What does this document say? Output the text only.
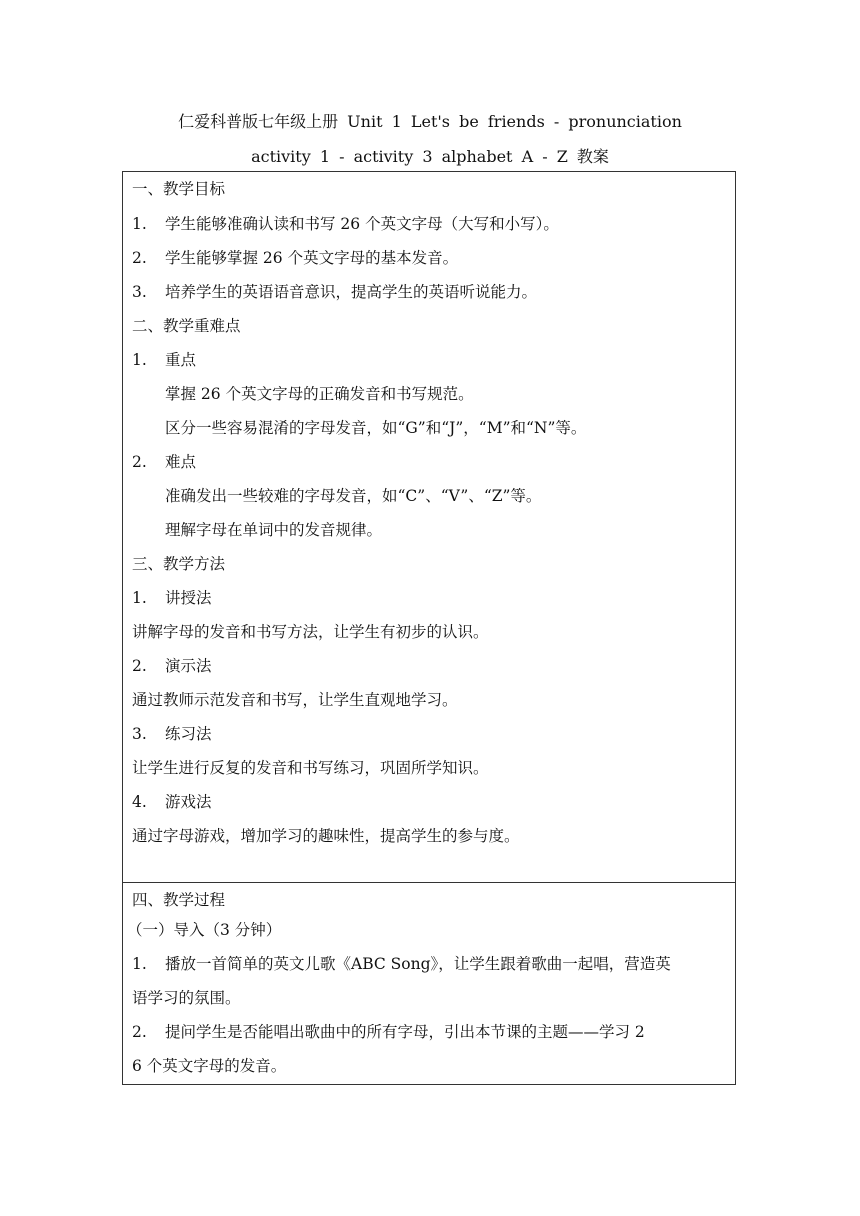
仁爱科普版七年级上册 Unit 1 Let's be friends - pronunciation
activity 1 - activity 3 alphabet A - Z 教案
一、教学目标
1. 学生能够准确认读和书写 26 个英文字母（大写和小写）。
2. 学生能够掌握 26 个英文字母的基本发音。
3. 培养学生的英语语音意识，提高学生的英语听说能力。
二、教学重难点
1. 重点
掌握 26 个英文字母的正确发音和书写规范。
区分一些容易混淆的字母发音，如“G”和“J”，“M”和“N”等。
2. 难点
准确发出一些较难的字母发音，如“C”、“V”、“Z”等。
理解字母在单词中的发音规律。
三、教学方法
1. 讲授法
讲解字母的发音和书写方法，让学生有初步的认识。
2. 演示法
通过教师示范发音和书写，让学生直观地学习。
3. 练习法
让学生进行反复的发音和书写练习，巩固所学知识。
4. 游戏法
通过字母游戏，增加学习的趣味性，提高学生的参与度。
四、教学过程
（一）导入（3 分钟）
1. 播放一首简单的英文儿歌《ABC Song》，让学生跟着歌曲一起唱，营造英
语学习的氛围。
2. 提问学生是否能唱出歌曲中的所有字母，引出本节课的主题——学习 2
6 个英文字母的发音。
